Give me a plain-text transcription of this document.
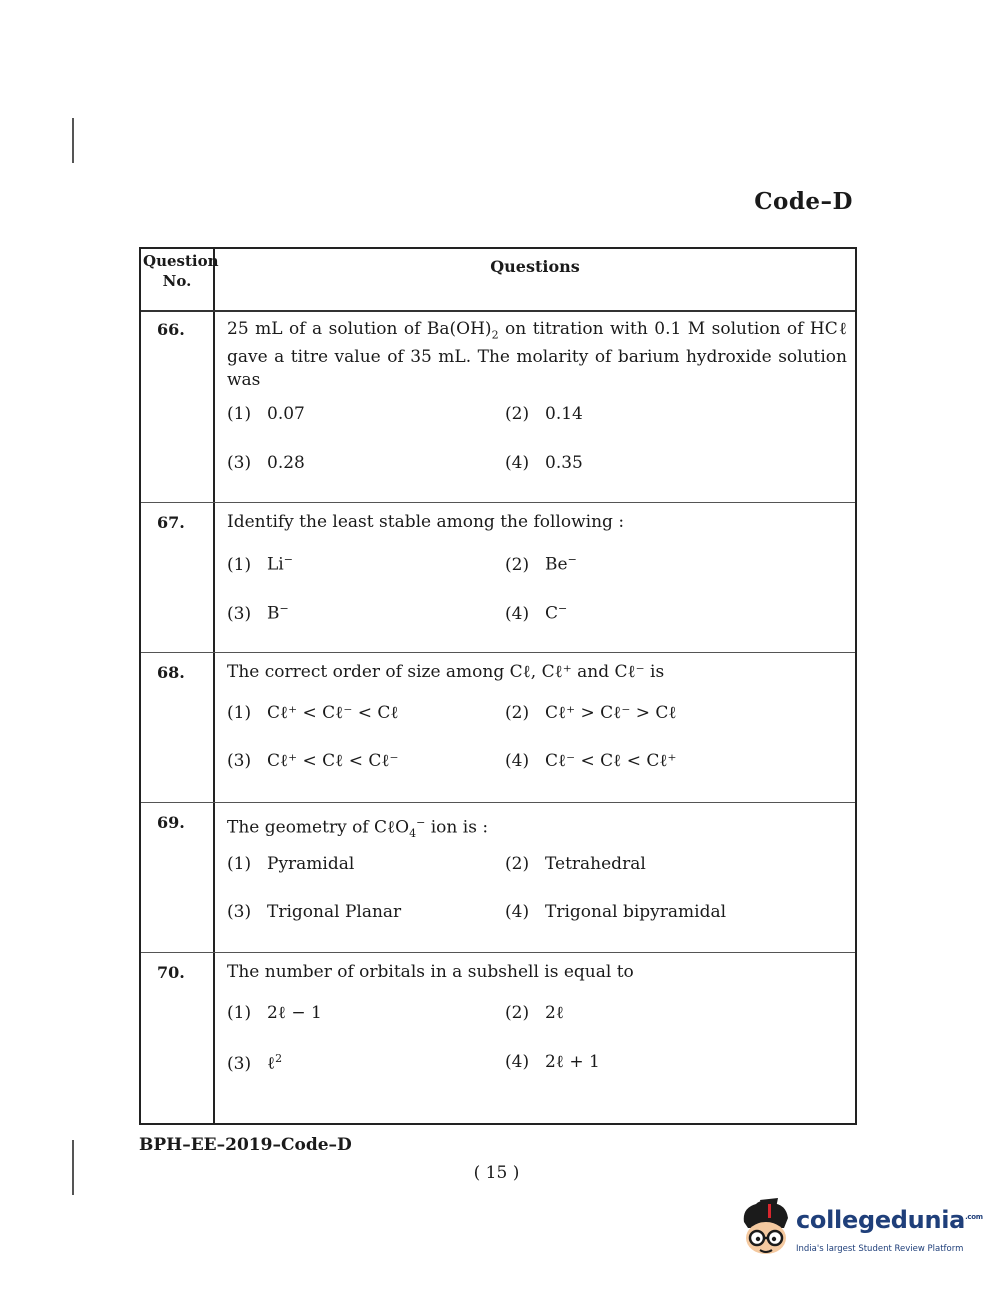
Code–D
Question
No.
Questions
66. 25 mL of a solution of $Ba(OH)_2$ on titration with 0.1 M solution of HCℓ gave a titre value of 35 mL. The molarity of barium hydroxide solution was
(1) 0.07	(2) 0.14
(3) 0.28	(4) 0.35
67. Identify the least stable among the following :
(1) Li−	(2) Be−
(3) B−	(4) C−
68. The correct order of size among Cℓ, Cℓ⁺ and Cℓ⁻ is
(1) Cℓ⁺ < Cℓ⁻ < Cℓ	(2) Cℓ⁺ > Cℓ⁻ > Cℓ
(3) Cℓ⁺ < Cℓ < Cℓ⁻	(4) Cℓ⁻ < Cℓ < Cℓ⁺
69. The geometry of CℓO$_4$− ion is :
(1) Pyramidal	(2) Tetrahedral
(3) Trigonal Planar	(4) Trigonal bipyramidal
70. The number of orbitals in a subshell is equal to
(1) 2ℓ − 1	(2) 2ℓ
(3) ℓ$^2$	(4) 2ℓ + 1
BPH–EE–2019–Code–D
( 15 )
collegedunia$^{.com}$
India's largest Student Review Platform
